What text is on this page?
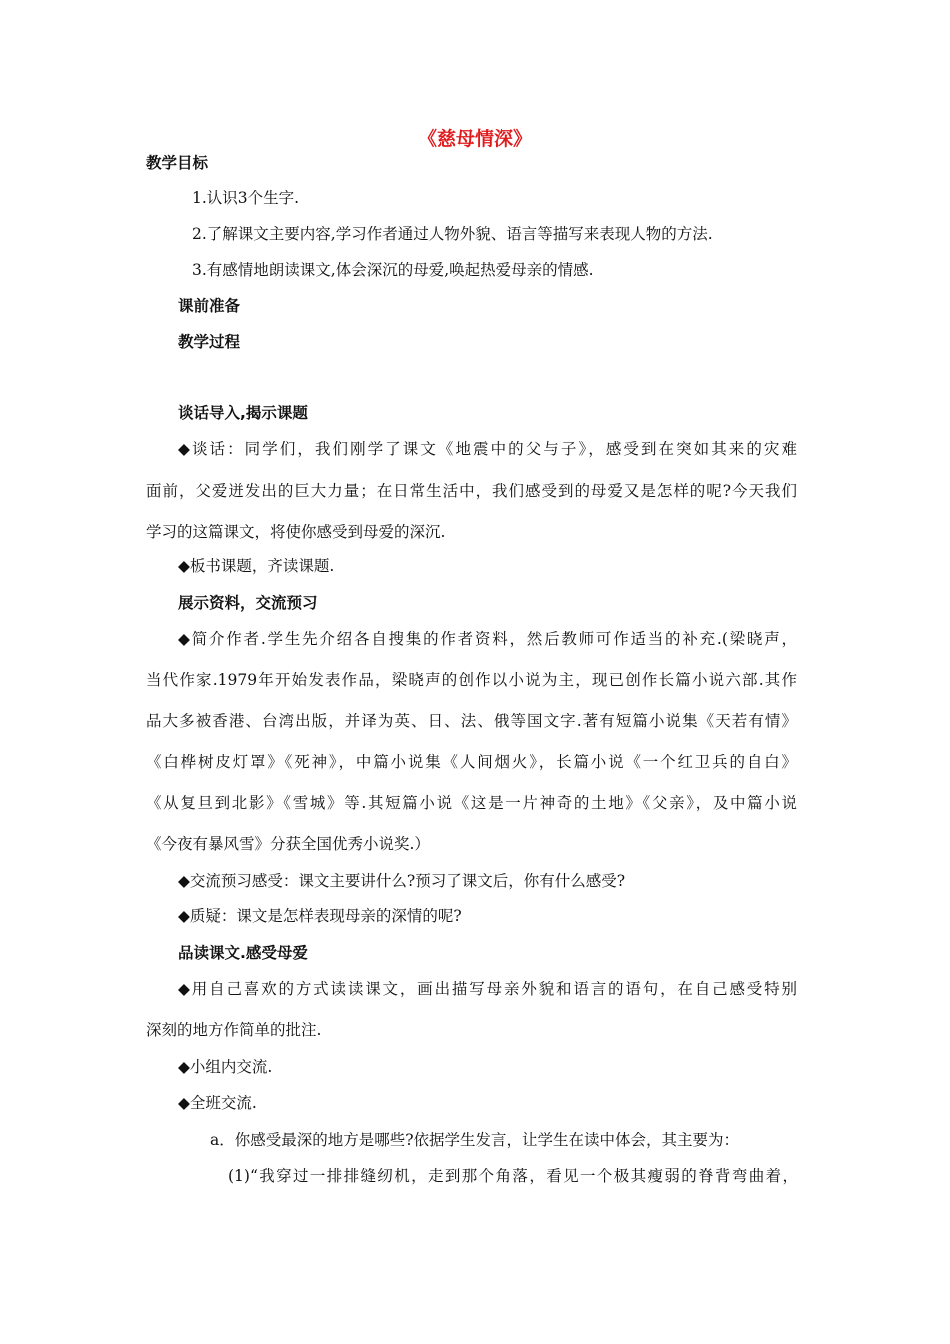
《慈母情深》
教学目标
1.认识3个生字.
2.了解课文主要内容,学习作者通过人物外貌、语言等描写来表现人物的方法.
3.有感情地朗读课文,体会深沉的母爱,唤起热爱母亲的情感.
课前准备
教学过程
谈话导入,揭示课题
◆谈话：同学们，我们刚学了课文《地震中的父与子》，感受到在突如其来的灾难
面前，父爱迸发出的巨大力量；在日常生活中，我们感受到的母爱又是怎样的呢?今天我们
学习的这篇课文，将使你感受到母爱的深沉.
◆板书课题，齐读课题.
展示资料，交流预习
◆简介作者.学生先介绍各自搜集的作者资料，然后教师可作适当的补充.(梁晓声，
当代作家.1979年开始发表作品，梁晓声的创作以小说为主，现已创作长篇小说六部.其作
品大多被香港、台湾出版，并译为英、日、法、俄等国文字.著有短篇小说集《天若有情》
《白桦树皮灯罩》《死神》，中篇小说集《人间烟火》，长篇小说《一个红卫兵的自白》
《从复旦到北影》《雪城》等.其短篇小说《这是一片神奇的土地》《父亲》，及中篇小说
《今夜有暴风雪》分获全国优秀小说奖.）
◆交流预习感受：课文主要讲什么?预习了课文后，你有什么感受?
◆质疑：课文是怎样表现母亲的深情的呢?
品读课文.感受母爱
◆用自己喜欢的方式读读课文，画出描写母亲外貌和语言的语句，在自己感受特别
深刻的地方作简单的批注.
◆小组内交流.
◆全班交流.
a．你感受最深的地方是哪些?依据学生发言，让学生在读中体会，其主要为：
(1)“我穿过一排排缝纫机，走到那个角落，看见一个极其瘦弱的脊背弯曲着，
